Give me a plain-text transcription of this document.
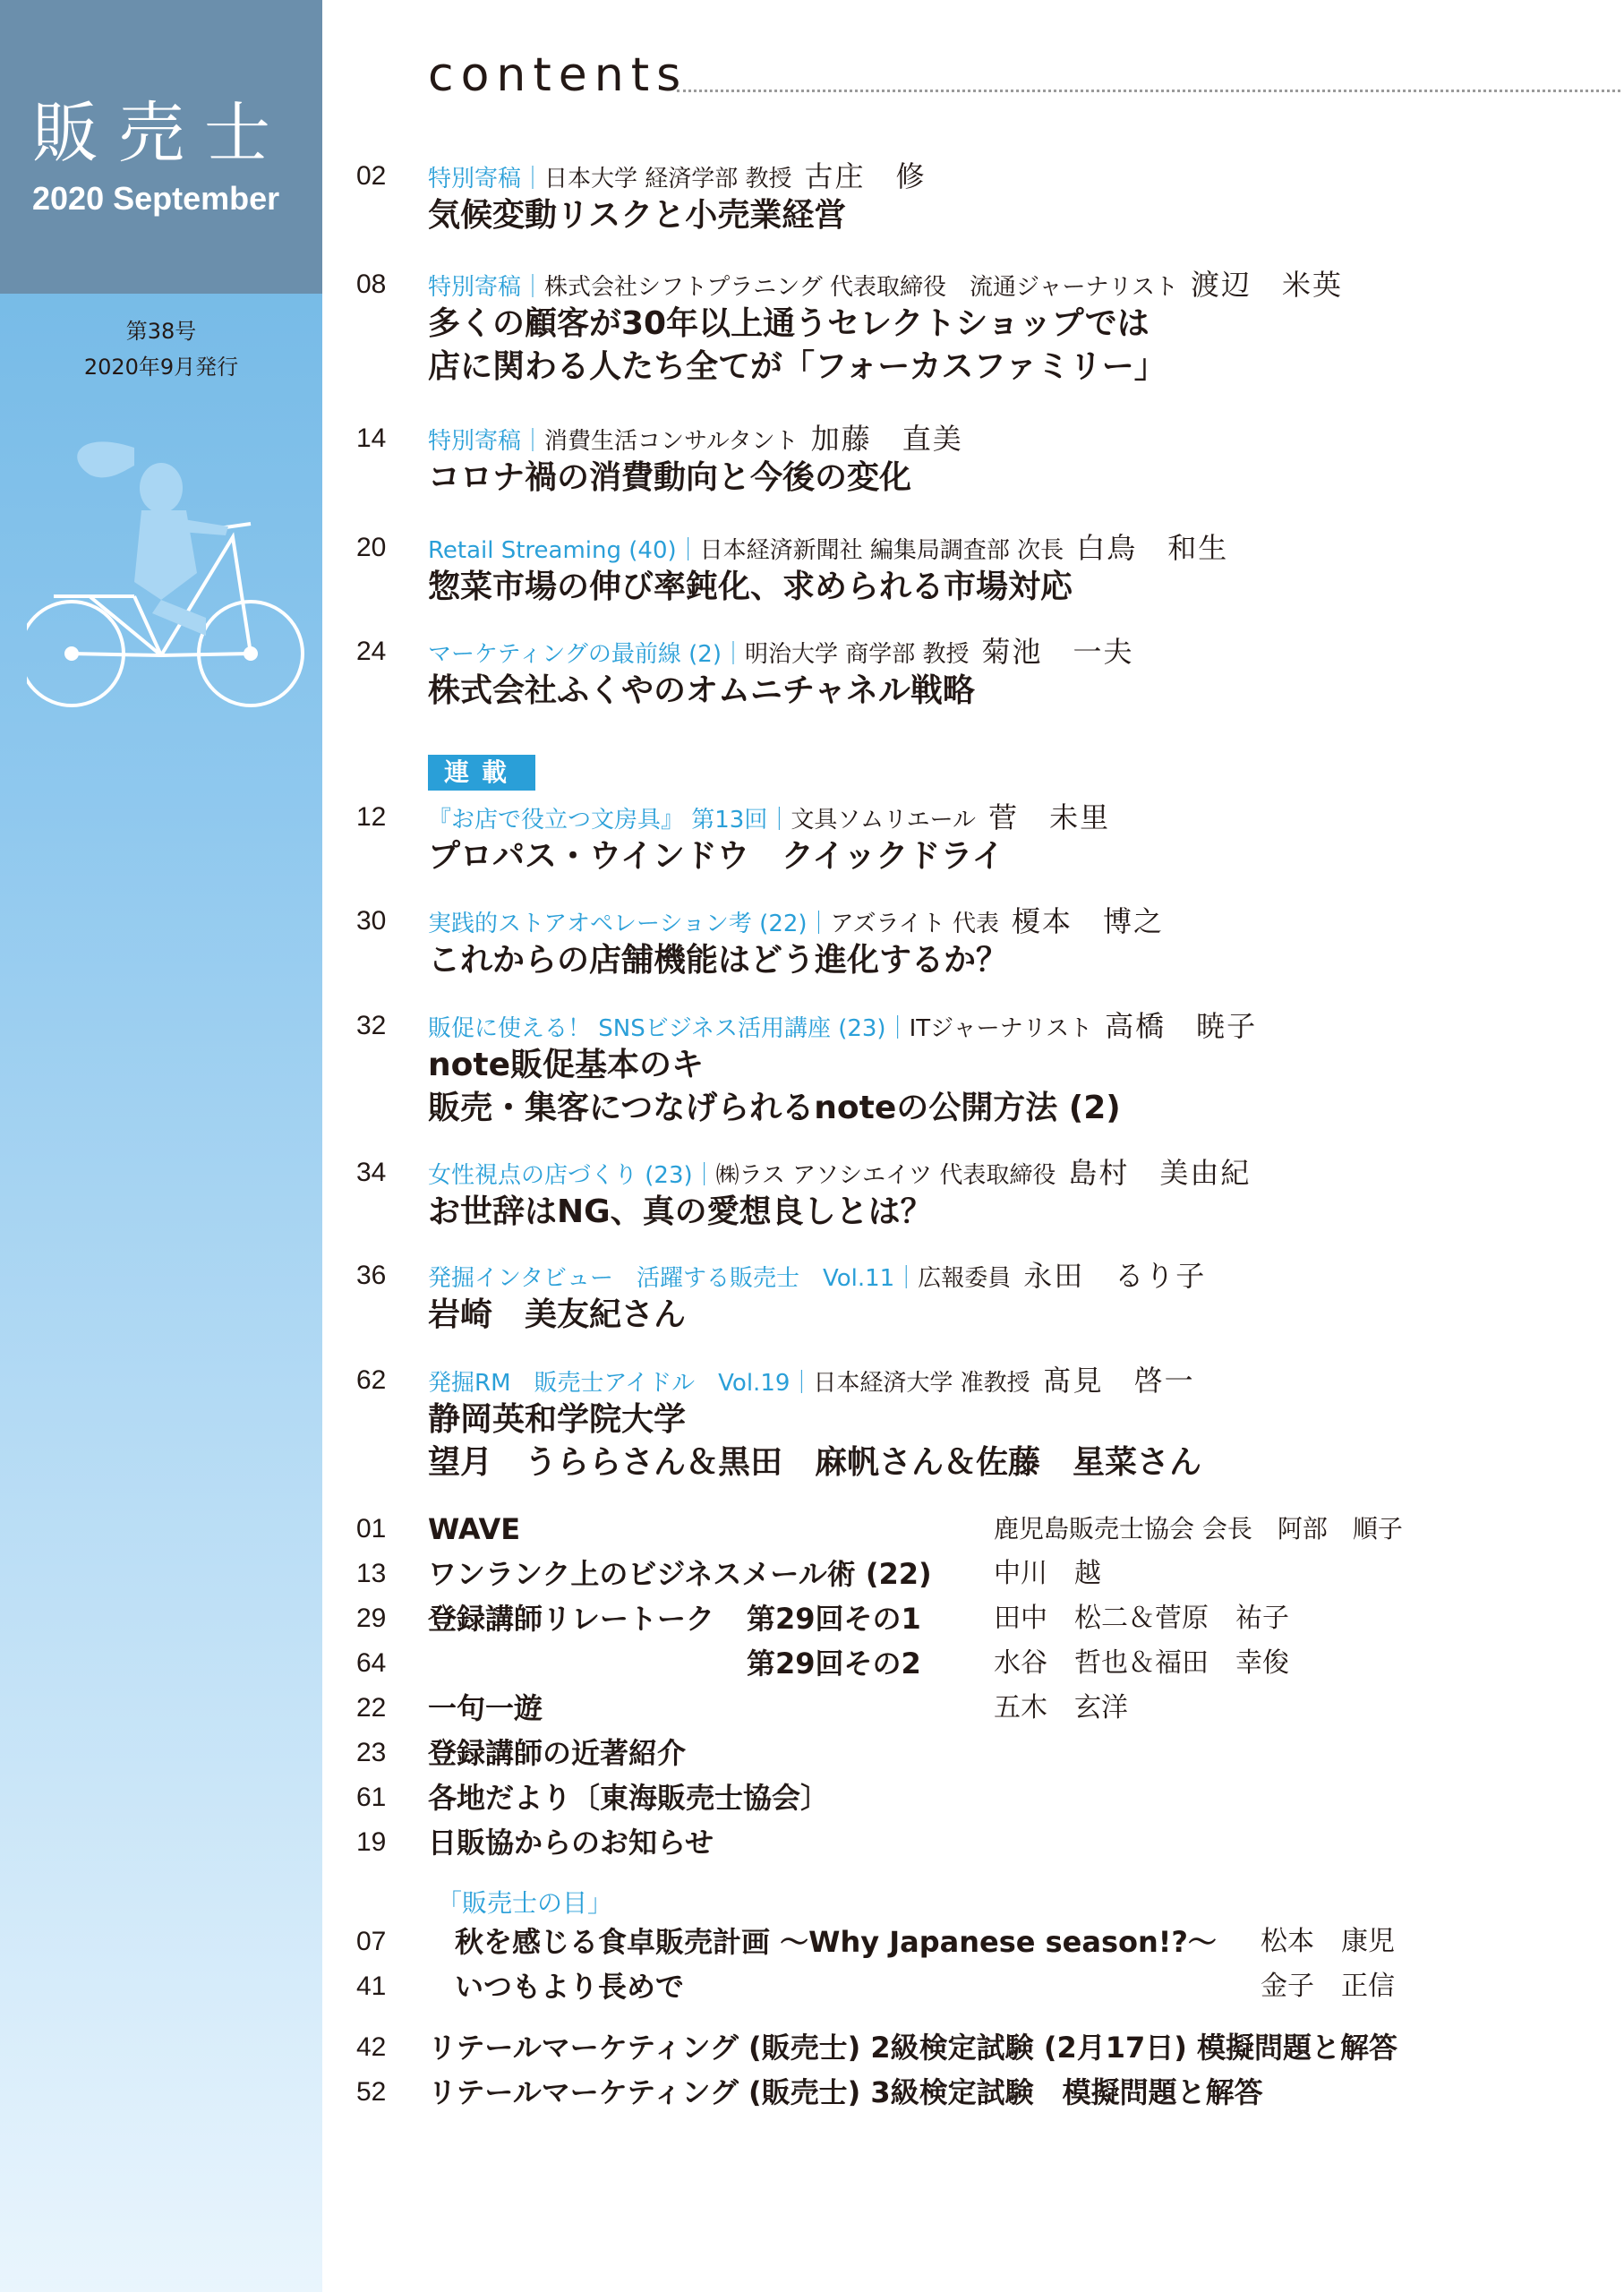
販売士
2020 September
第38号
2020年9月発行
contents
02 特別寄稿｜日本大学 経済学部 教授 古庄　修
気候変動リスクと小売業経営
08 特別寄稿｜株式会社シフトプラニング 代表取締役　流通ジャーナリスト 渡辺　米英
多くの顧客が30年以上通うセレクトショップでは
店に関わる人たち全てが「フォーカスファミリー」
14 特別寄稿｜消費生活コンサルタント 加藤　直美
コロナ禍の消費動向と今後の変化
20 Retail Streaming (40)｜日本経済新聞社 編集局調査部 次長 白鳥　和生
惣菜市場の伸び率鈍化、求められる市場対応
24 マーケティングの最前線 (2)｜明治大学 商学部 教授 菊池　一夫
株式会社ふくやのオムニチャネル戦略
連載
12 『お店で役立つ文房具』 第13回｜文具ソムリエール 菅　未里
プロパス・ウインドウ　クイックドライ
30 実践的ストアオペレーション考 (22)｜アズライト 代表 榎本　博之
これからの店舗機能はどう進化するか？
32 販促に使える！ SNSビジネス活用講座 (23)｜ITジャーナリスト 高橋　暁子
note販促基本のキ
販売・集客につなげられるnoteの公開方法 (2)
34 女性視点の店づくり (23)｜㈱ラス アソシエイツ 代表取締役 島村　美由紀
お世辞はNG、真の愛想良しとは？
36 発掘インタビュー　活躍する販売士　Vol.11｜広報委員 永田　るり子
岩崎　美友紀さん
62 発掘RM　販売士アイドル　Vol.19｜日本経済大学 准教授 髙見　啓一
静岡英和学院大学
望月　うららさん＆黒田　麻帆さん＆佐藤　星菜さん
01 WAVE	鹿児島販売士協会 会長　阿部　順子
13 ワンランク上のビジネスメール術 (22) 中川　越
29 登録講師リレートーク 第29回その1	田中　松二＆菅原　祐子
64	第29回その2	水谷　哲也＆福田　幸俊
22 一句一遊	五木　玄洋
23 登録講師の近著紹介
61 各地だより〔東海販売士協会〕
19 日販協からのお知らせ
「販売士の目」
07 秋を感じる食卓販売計画 ～Why Japanese season!?～ 松本　康児
41 いつもより長めで	金子　正信
42 リテールマーケティング (販売士) 2級検定試験 (2月17日) 模擬問題と解答
52 リテールマーケティング (販売士) 3級検定試験　模擬問題と解答
